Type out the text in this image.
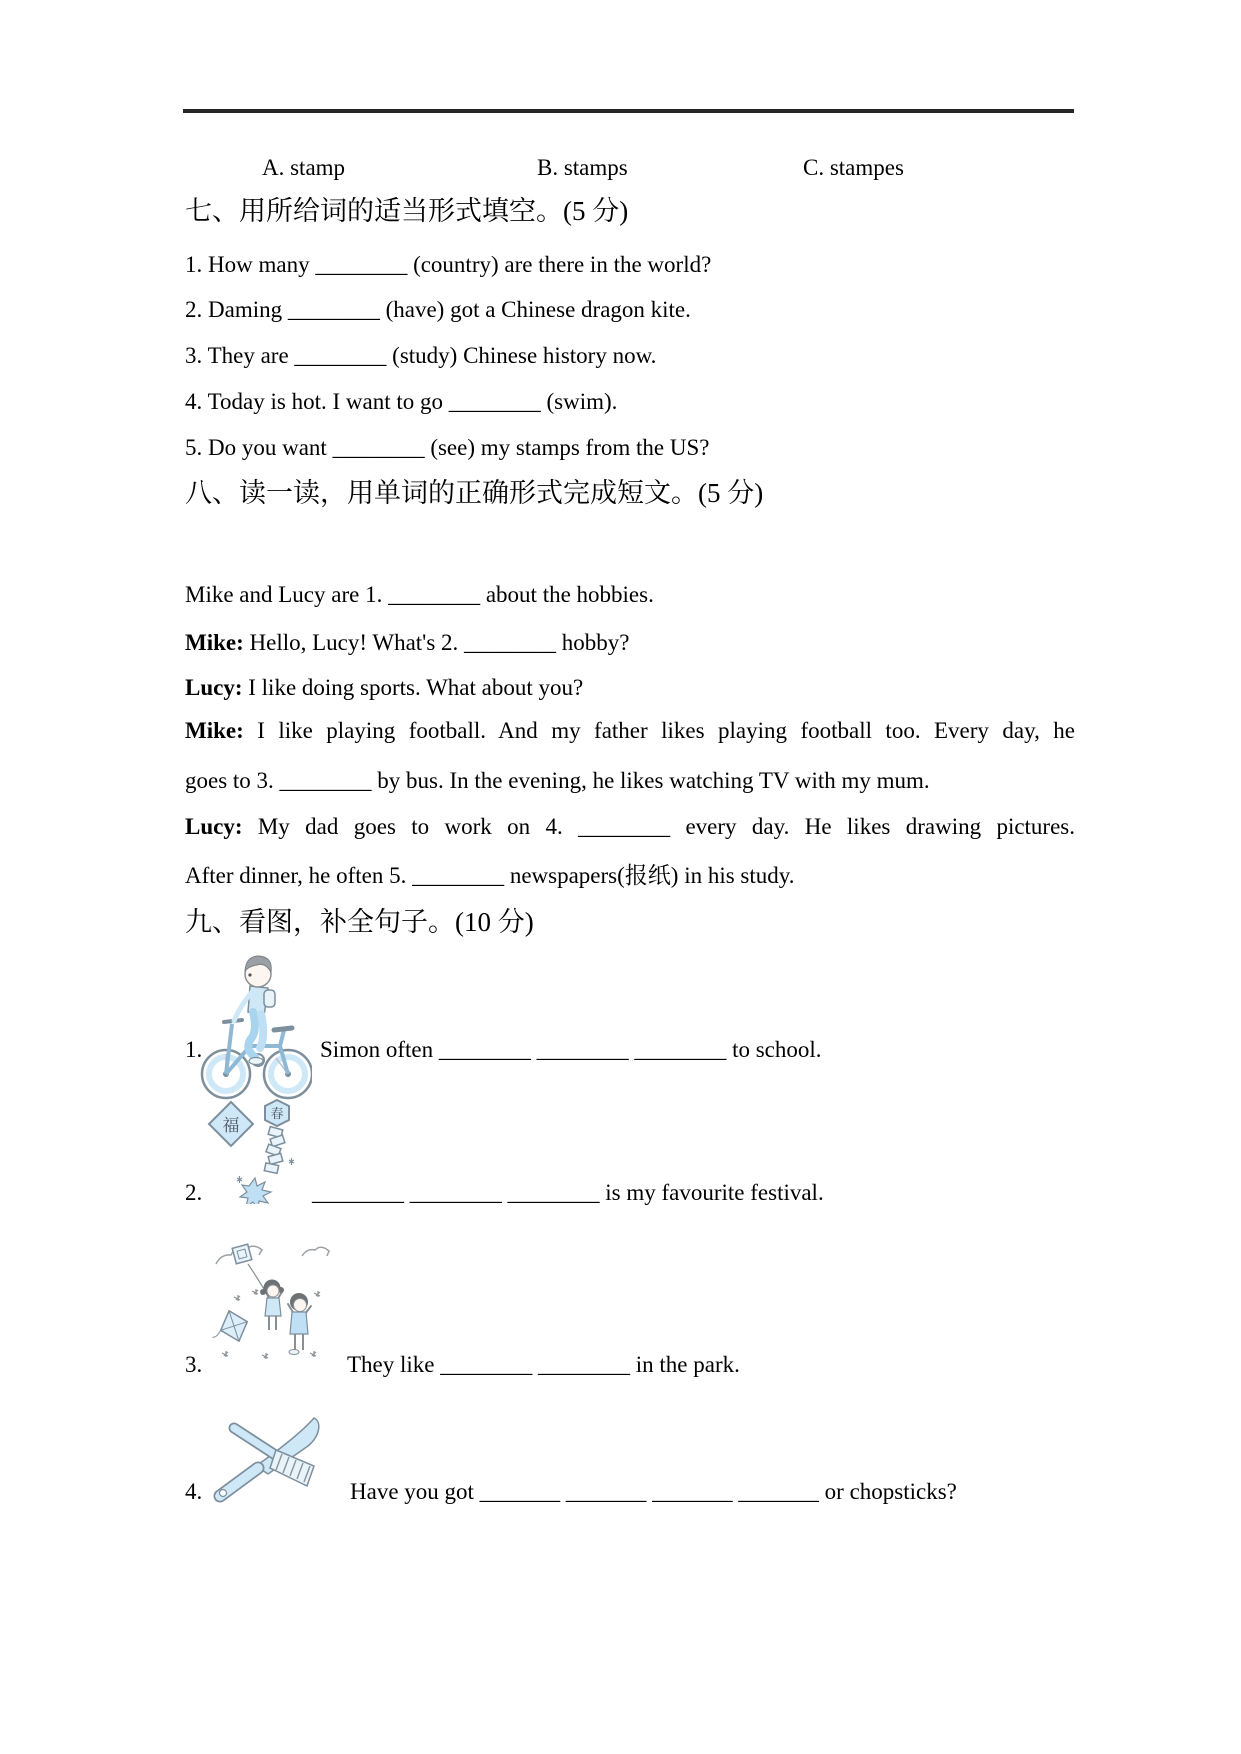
A. stamp	B. stamps	C. stampes
七、用所给词的适当形式填空。(5 分)
1. How many ________ (country) are there in the world?
2. Daming ________ (have) got a Chinese dragon kite.
3. They are ________ (study) Chinese history now.
4. Today is hot. I want to go ________ (swim).
5. Do you want ________ (see) my stamps from the US?
八、读一读，用单词的正确形式完成短文。(5 分)
Mike and Lucy are 1. ________ about the hobbies.
Mike: Hello, Lucy! What's 2. ________ hobby?
Lucy: I like doing sports. What about you?
Mike: I like playing football. And my father likes playing football too. Every day, he
goes to 3. ________ by bus. In the evening, he likes watching TV with my mum.
Lucy: My dad goes to work on 4. ________ every day. He likes drawing pictures.
After dinner, he often 5. ________ newspapers(报纸) in his study.
九、看图，补全句子。(10 分)
1.	Simon often ________ ________ ________ to school.
福
春
2.	________ ________ ________ is my favourite festival.
3.	They like ________ ________ in the park.
4.	Have you got _______ _______ _______ _______ or chopsticks?
